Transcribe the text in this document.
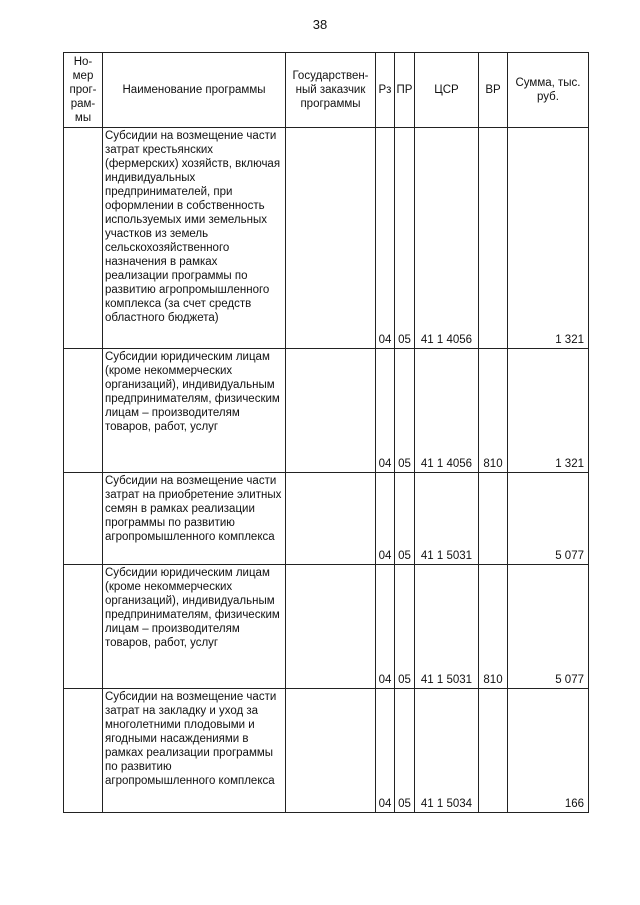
38
Но-мер прог-рам-мы	Наименование программы	Государствен-ный заказчик программы	Рз	ПР	ЦСР	ВР	Сумма, тыс. руб.
	Субсидии на возмещение части затрат крестьянских (фермерских) хозяйств, включая индивидуальных предпринимателей, при оформлении в собственность используемых ими земельных участков из земель сельскохозяйственного назначения в рамках реализации программы по развитию агропромышленного комплекса (за счет средств областного бюджета)		04	05	41 1 4056		1 321
	Субсидии юридическим лицам (кроме некоммерческих организаций), индивидуальным предпринимателям, физическим лицам – производителям товаров, работ, услуг		04	05	41 1 4056	810	1 321
	Субсидии на возмещение части затрат на приобретение элитных семян в рамках реализации программы по развитию агропромышленного комплекса		04	05	41 1 5031		5 077
	Субсидии юридическим лицам (кроме некоммерческих организаций), индивидуальным предпринимателям, физическим лицам – производителям товаров, работ, услуг		04	05	41 1 5031	810	5 077
	Субсидии на возмещение части затрат на закладку и уход за многолетними плодовыми и ягодными насаждениями в рамках реализации программы по развитию агропромышленного комплекса		04	05	41 1 5034		166
